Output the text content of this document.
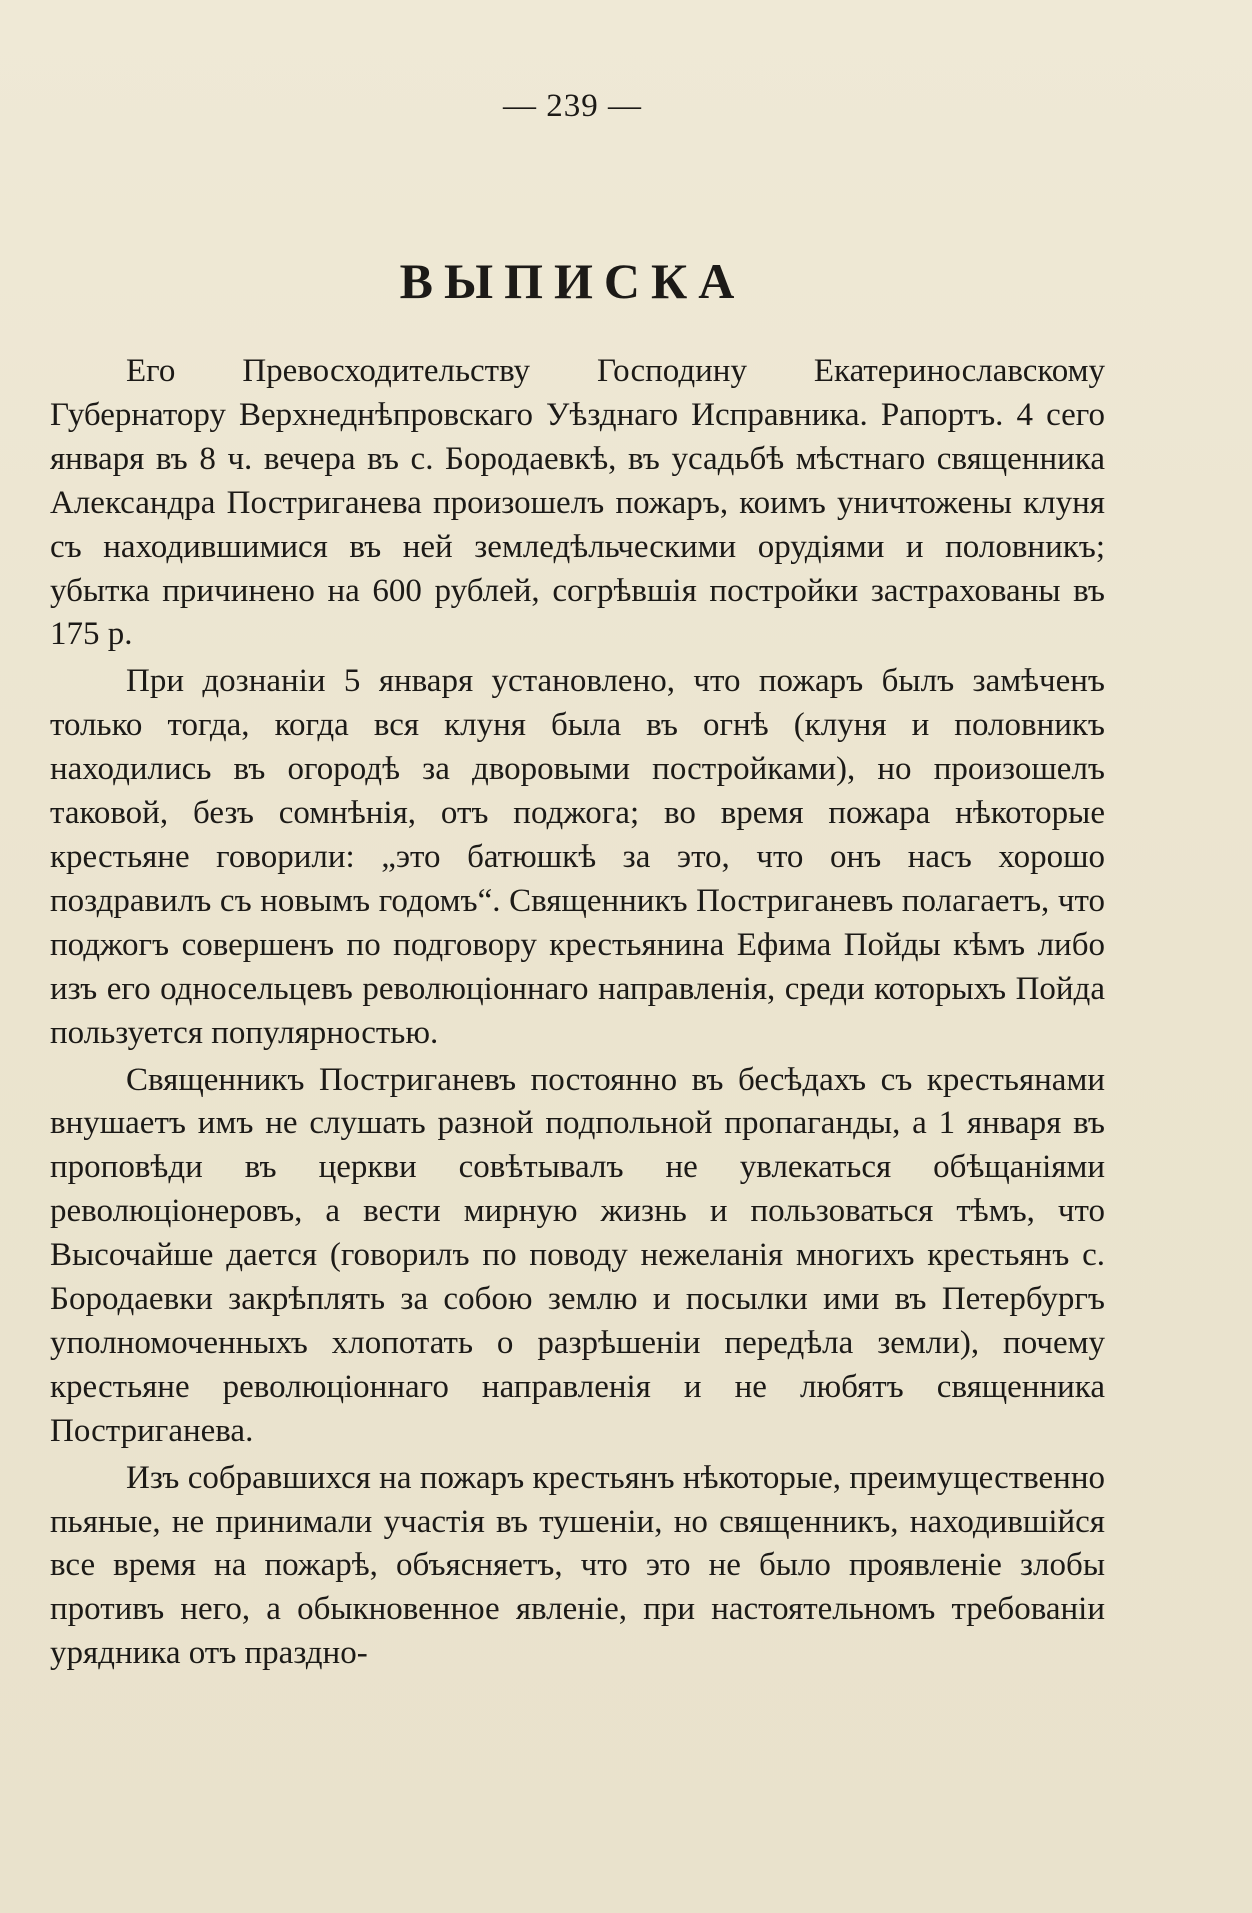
— 239 —
ВЫПИСКА

Его Превосходительству Господину Екатеринославскому Губернатору Верхнеднѣпровскаго Уѣзднаго Исправника. Рапортъ. 4 сего января въ 8 ч. вечера въ с. Бородаевкѣ, въ усадьбѣ мѣстнаго священника Александра Постриганева произошелъ пожаръ, коимъ уничтожены клуня съ находившимися въ ней земледѣльческими орудіями и половникъ; убытка причинено на 600 рублей, согрѣвшія постройки застрахованы въ 175 р.

При дознаніи 5 января установлено, что пожаръ былъ замѣченъ только тогда, когда вся клуня была въ огнѣ (клуня и половникъ находились въ огородѣ за дворовыми постройками), но произошелъ таковой, безъ сомнѣнія, отъ поджога; во время пожара нѣкоторые крестьяне говорили: „это батюшкѣ за это, что онъ насъ хорошо поздравилъ съ новымъ годомъ“. Священникъ Постриганевъ полагаетъ, что поджогъ совершенъ по подговору крестьянина Ефима Пойды кѣмъ либо изъ его односельцевъ революціоннаго направленія, среди которыхъ Пойда пользуется популярностью.

Священникъ Постриганевъ постоянно въ бесѣдахъ съ крестьянами внушаетъ имъ не слушать разной подпольной пропаганды, а 1 января въ проповѣди въ церкви совѣтывалъ не увлекаться обѣщаніями революціонеровъ, а вести мирную жизнь и пользоваться тѣмъ, что Высочайше дается (говорилъ по поводу нежеланія многихъ крестьянъ с. Бородаевки закрѣплять за собою землю и посылки ими въ Петербургъ уполномоченныхъ хлопотать о разрѣшеніи передѣла земли), почему крестьяне революціоннаго направленія и не любятъ священника Постриганева.

Изъ собравшихся на пожаръ крестьянъ нѣкоторые, преимущественно пьяные, не принимали участія въ тушеніи, но священникъ, находившійся все время на пожарѣ, объясняетъ, что это не было проявленіе злобы противъ него, а обыкновенное явленіе, при настоятельномъ требованіи урядника отъ праздно-
